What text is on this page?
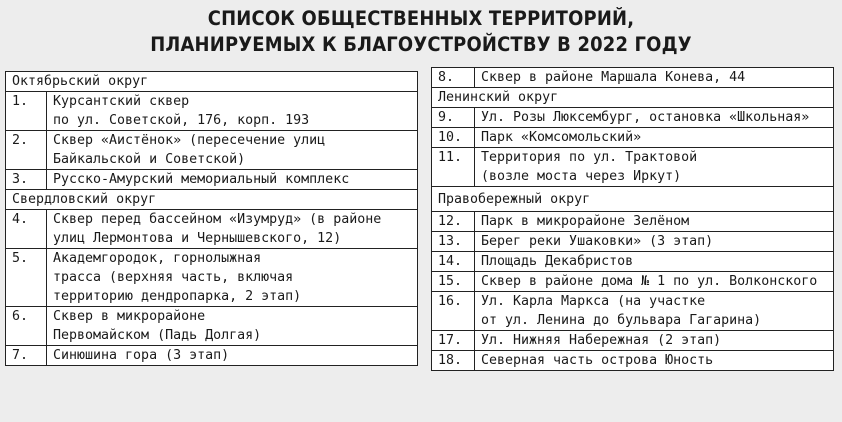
СПИСОК ОБЩЕСТВЕННЫХ ТЕРРИТОРИЙ,
ПЛАНИРУЕМЫХ К БЛАГОУСТРОЙСТВУ В 2022 ГОДУ
Октябрьский округ	
1.	Курсантский сквер
по ул. Советской, 176, корп. 193

2.	Сквер «Аистёнок» (пересечение улиц
Байкальской и Советской)

3.	Русско-Амурский мемориальный комплекс

Свердловский округ	
4.	Сквер перед бассейном «Изумруд» (в районе
улиц Лермонтова и Чернышевского, 12)

5.	Академгородок, горнолыжная
трасса (верхняя часть, включая
территорию дендропарка, 2 этап)

6.	Сквер в микрорайоне
Первомайском (Падь Долгая)

7.	Синюшина гора (3 этап)
8.	Сквер в районе Маршала Конева, 44

Ленинский округ	
9.	Ул. Розы Люксембург, остановка «Школьная»

10.	Парк «Комсомольский»

11.	Территория по ул. Трактовой
(возле моста через Иркут)

Правобережный округ	
12.	Парк в микрорайоне Зелёном

13.	Берег реки Ушаковки» (3 этап)

14.	Площадь Декабристов

15.	Сквер в районе дома № 1 по ул. Волконского

16.	Ул. Карла Маркса (на участке
от ул. Ленина до бульвара Гагарина)

17.	Ул. Нижняя Набережная (2 этап)

18.	Северная часть острова Юность
